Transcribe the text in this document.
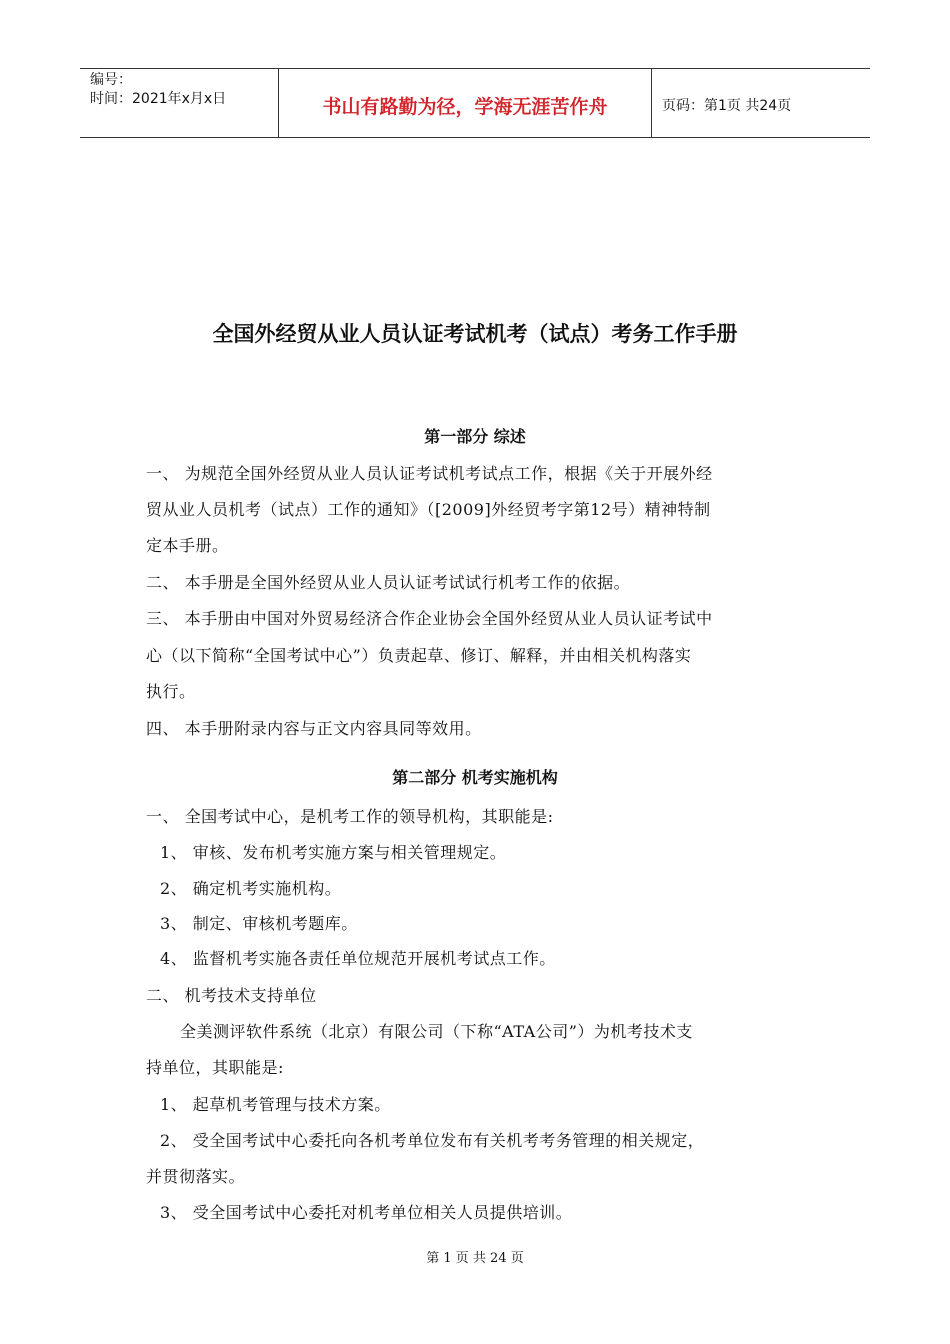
编号：
时间：2021年x月x日	书山有路勤为径，学海无涯苦作舟	页码：第1页 共24页
全国外经贸从业人员认证考试机考（试点）考务工作手册
第一部分 综述
一、 为规范全国外经贸从业人员认证考试机考试点工作，根据《关于开展外经
贸从业人员机考（试点）工作的通知》（[2009]外经贸考字第12号）精神特制
定本手册。
二、 本手册是全国外经贸从业人员认证考试试行机考工作的依据。
三、 本手册由中国对外贸易经济合作企业协会全国外经贸从业人员认证考试中
心（以下简称“全国考试中心”）负责起草、修订、解释，并由相关机构落实
执行。
四、 本手册附录内容与正文内容具同等效用。
第二部分 机考实施机构
一、 全国考试中心，是机考工作的领导机构，其职能是:
1、 审核、发布机考实施方案与相关管理规定。
2、 确定机考实施机构。
3、 制定、审核机考题库。
4、 监督机考实施各责任单位规范开展机考试点工作。
二、 机考技术支持单位
全美测评软件系统（北京）有限公司（下称“ATA公司”）为机考技术支
持单位，其职能是:
1、 起草机考管理与技术方案。
2、 受全国考试中心委托向各机考单位发布有关机考考务管理的相关规定，
并贯彻落实。
3、 受全国考试中心委托对机考单位相关人员提供培训。
第 1 页 共 24 页
